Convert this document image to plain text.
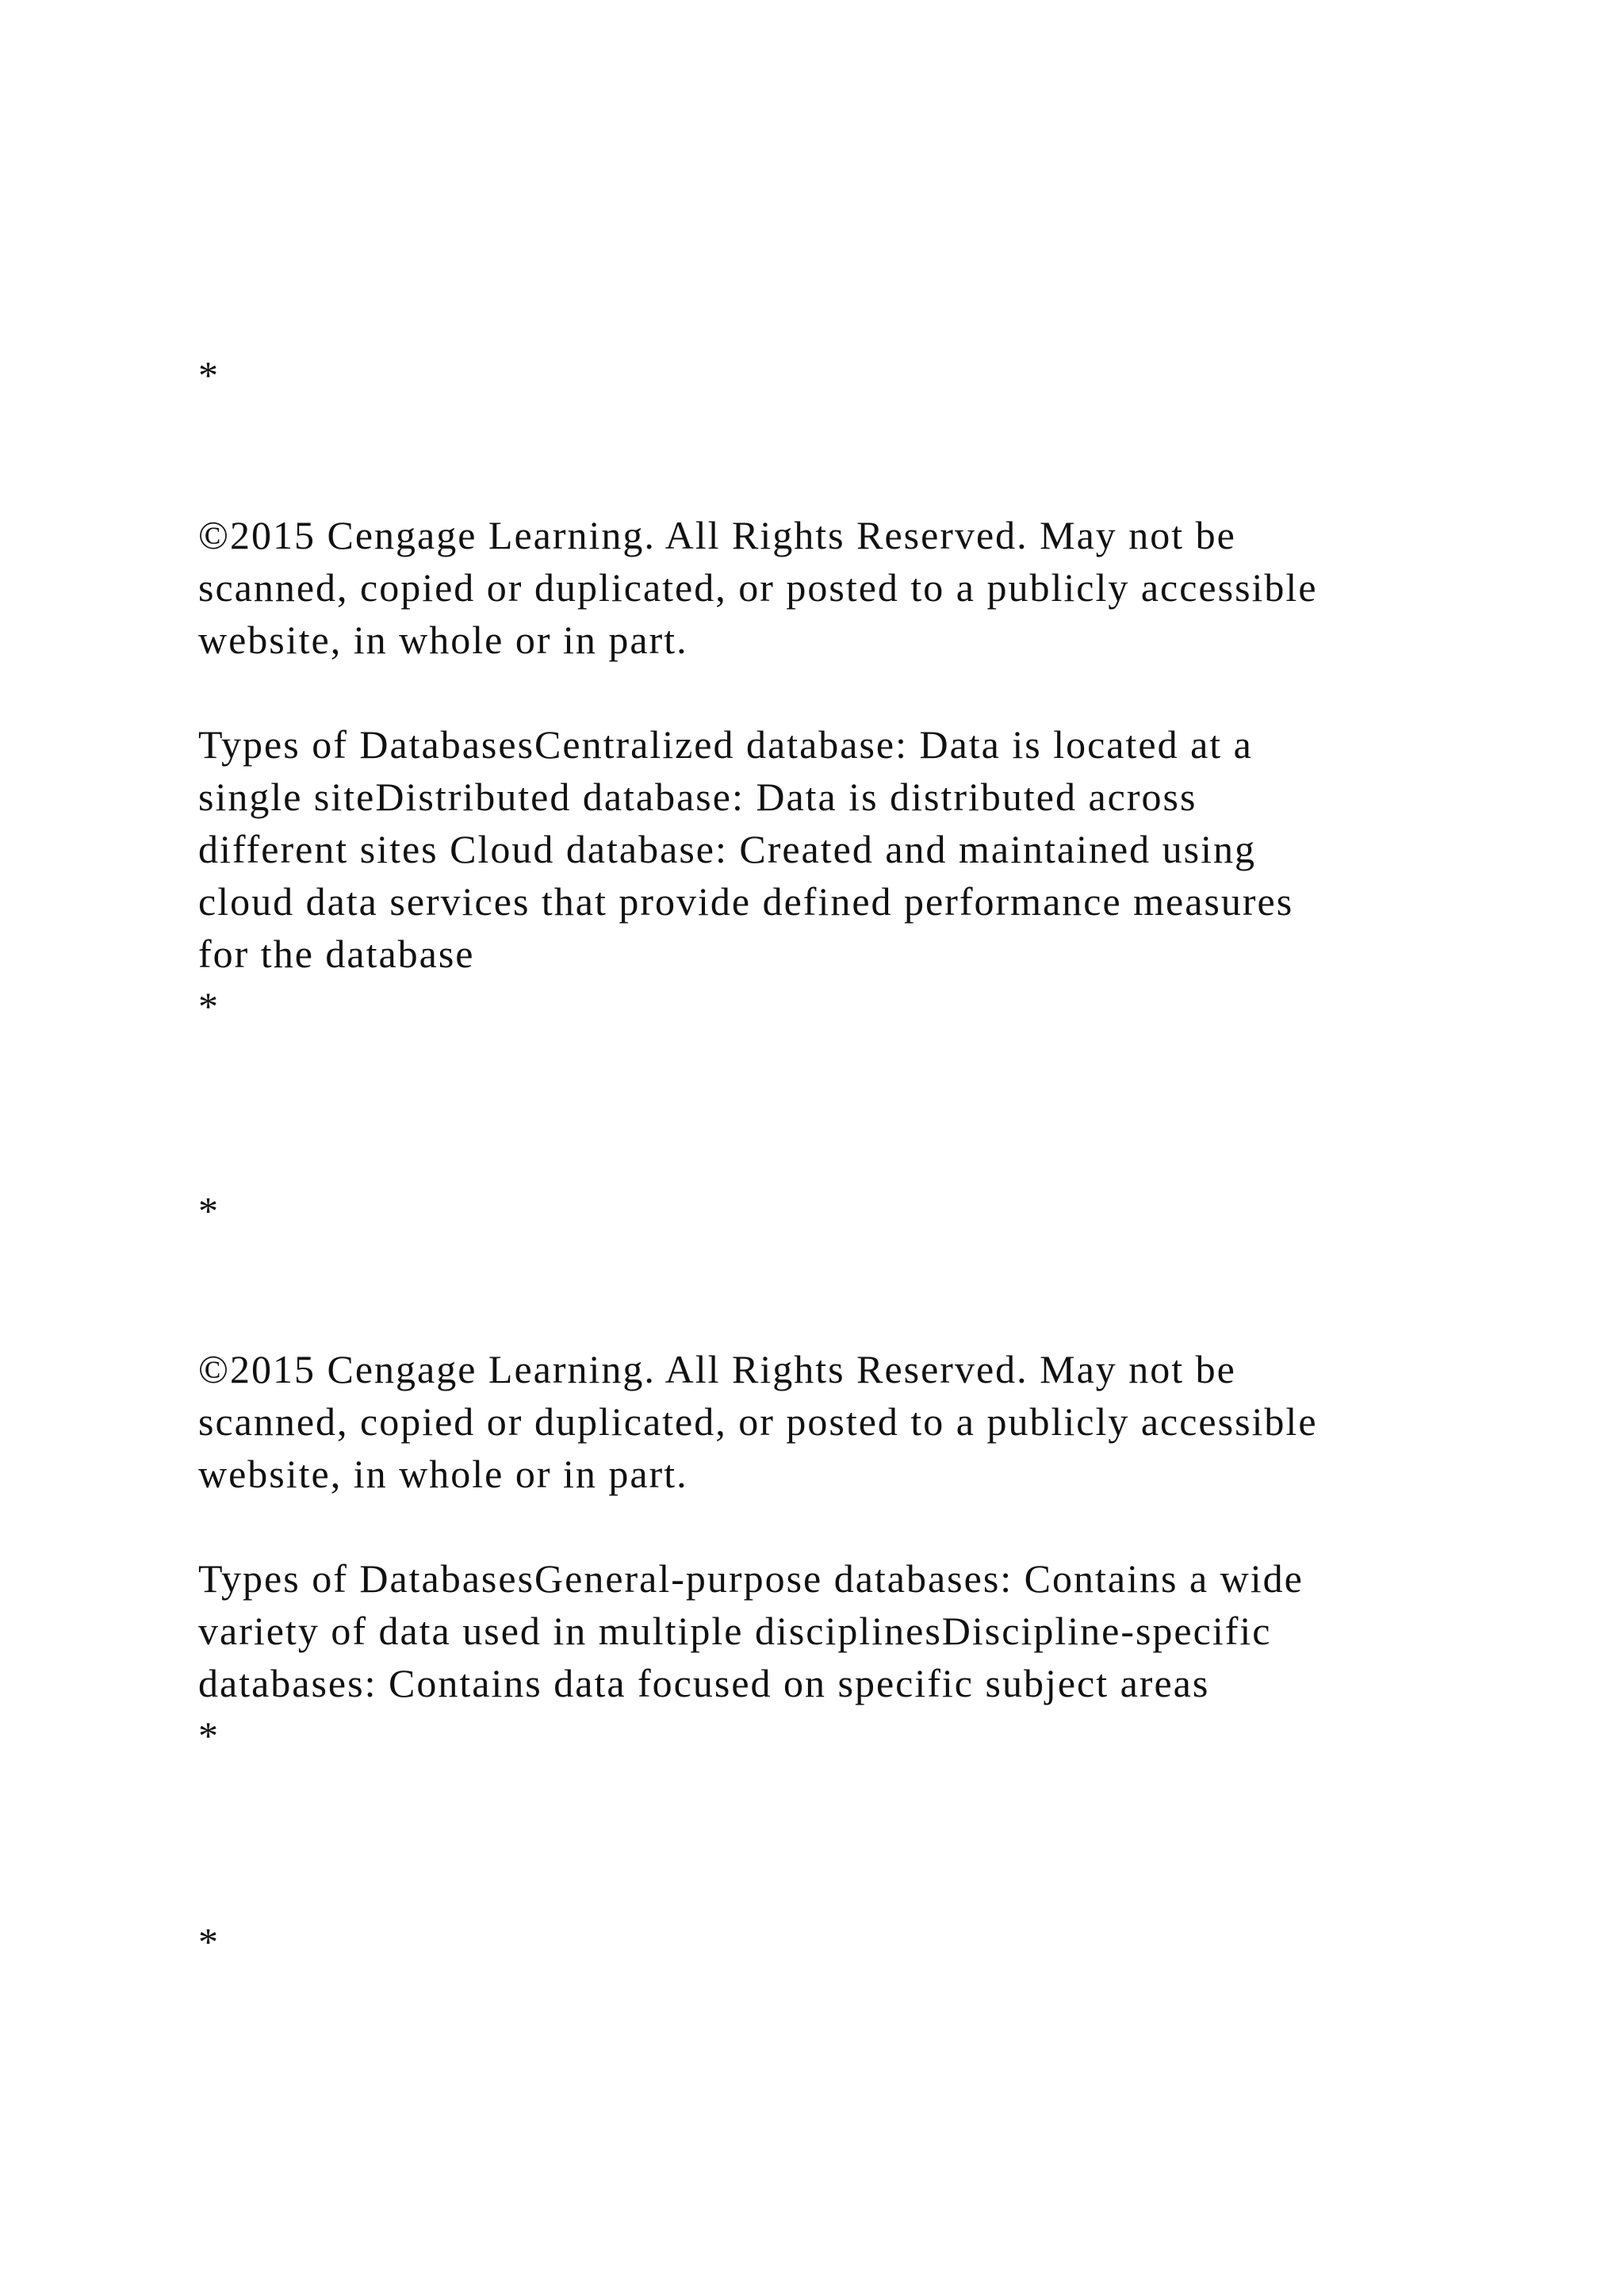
*

©2015 Cengage Learning. All Rights Reserved. May not be

scanned, copied or duplicated, or posted to a publicly accessible

website, in whole or in part.

Types of DatabasesCentralized database: Data is located at a

single siteDistributed database: Data is distributed across

different sites Cloud database: Created and maintained using

cloud data services that provide defined performance measures

for the database

*
*

©2015 Cengage Learning. All Rights Reserved. May not be

scanned, copied or duplicated, or posted to a publicly accessible

website, in whole or in part.

Types of DatabasesGeneral-purpose databases: Contains a wide

variety of data used in multiple disciplinesDiscipline-specific

databases: Contains data focused on specific subject areas

*
*
